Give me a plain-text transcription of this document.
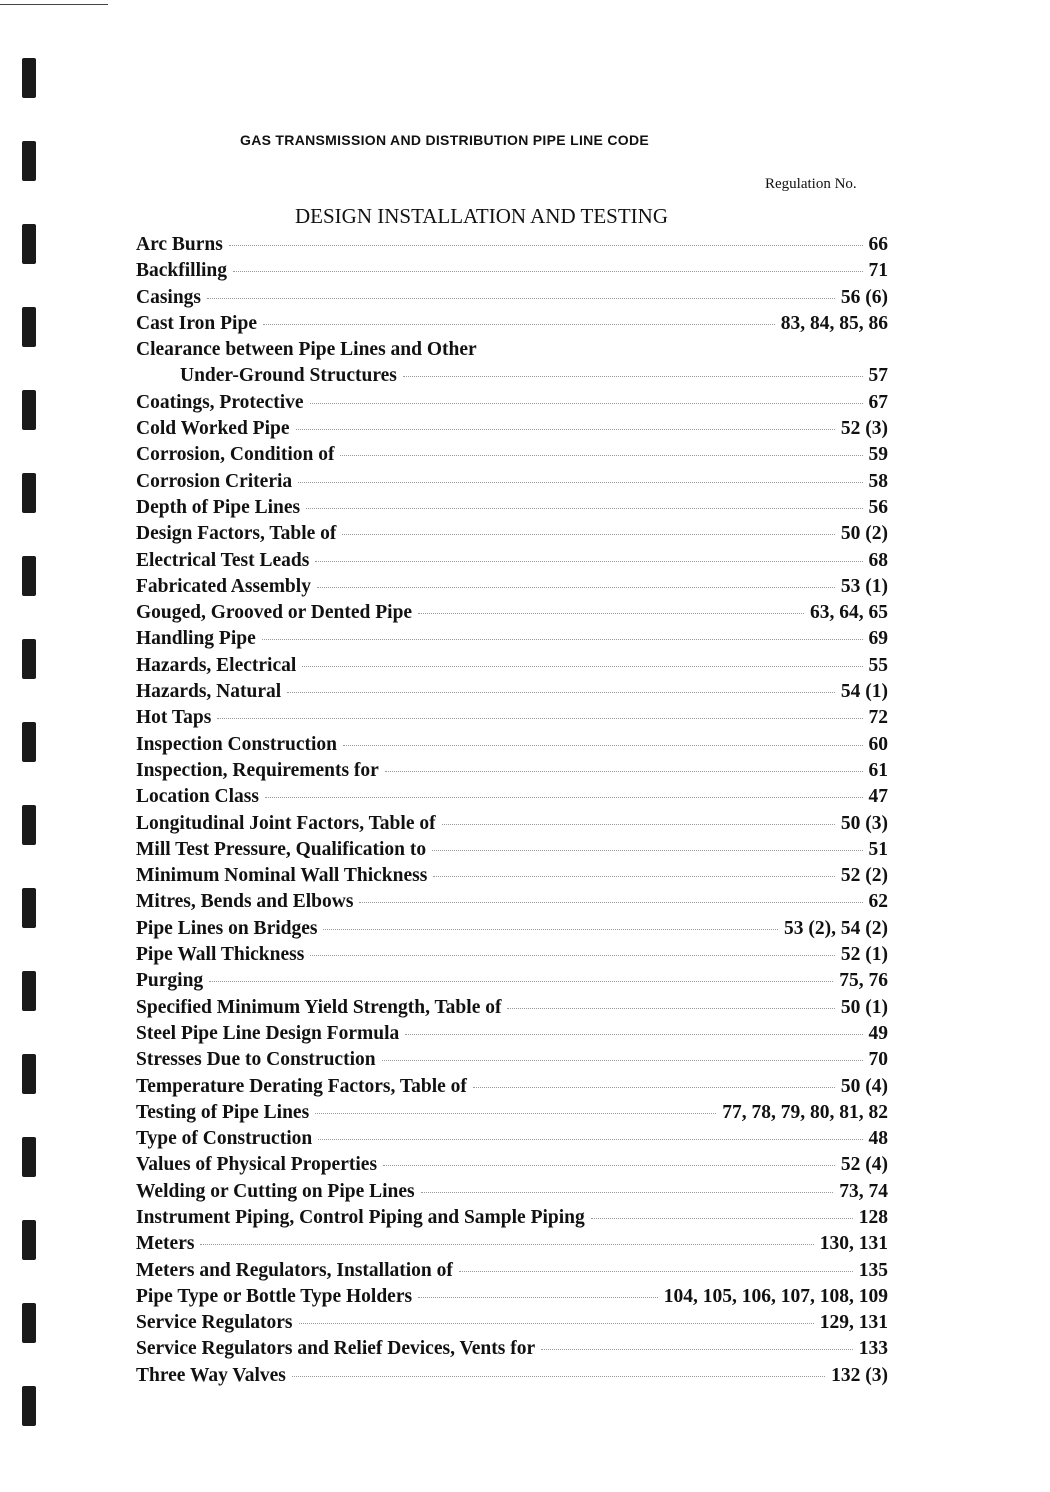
GAS TRANSMISSION AND DISTRIBUTION PIPE LINE CODE
Regulation No.
DESIGN INSTALLATION AND TESTING
Arc Burns	66
Backfilling	71
Casings	56 (6)
Cast Iron Pipe	83, 84, 85, 86
Clearance between Pipe Lines and Other
Under-Ground Structures	57
Coatings, Protective	67
Cold Worked Pipe	52 (3)
Corrosion, Condition of	59
Corrosion Criteria	58
Depth of Pipe Lines	56
Design Factors, Table of	50 (2)
Electrical Test Leads	68
Fabricated Assembly	53 (1)
Gouged, Grooved or Dented Pipe	63, 64, 65
Handling Pipe	69
Hazards, Electrical	55
Hazards, Natural	54 (1)
Hot Taps	72
Inspection Construction	60
Inspection, Requirements for	61
Location Class	47
Longitudinal Joint Factors, Table of	50 (3)
Mill Test Pressure, Qualification to	51
Minimum Nominal Wall Thickness	52 (2)
Mitres, Bends and Elbows	62
Pipe Lines on Bridges	53 (2), 54 (2)
Pipe Wall Thickness	52 (1)
Purging	75, 76
Specified Minimum Yield Strength, Table of	50 (1)
Steel Pipe Line Design Formula	49
Stresses Due to Construction	70
Temperature Derating Factors, Table of	50 (4)
Testing of Pipe Lines	77, 78, 79, 80, 81, 82
Type of Construction	48
Values of Physical Properties	52 (4)
Welding or Cutting on Pipe Lines	73, 74
Instrument Piping, Control Piping and Sample Piping	128
Meters	130, 131
Meters and Regulators, Installation of	135
Pipe Type or Bottle Type Holders	104, 105, 106, 107, 108, 109
Service Regulators	129, 131
Service Regulators and Relief Devices, Vents for	133
Three Way Valves	132 (3)
